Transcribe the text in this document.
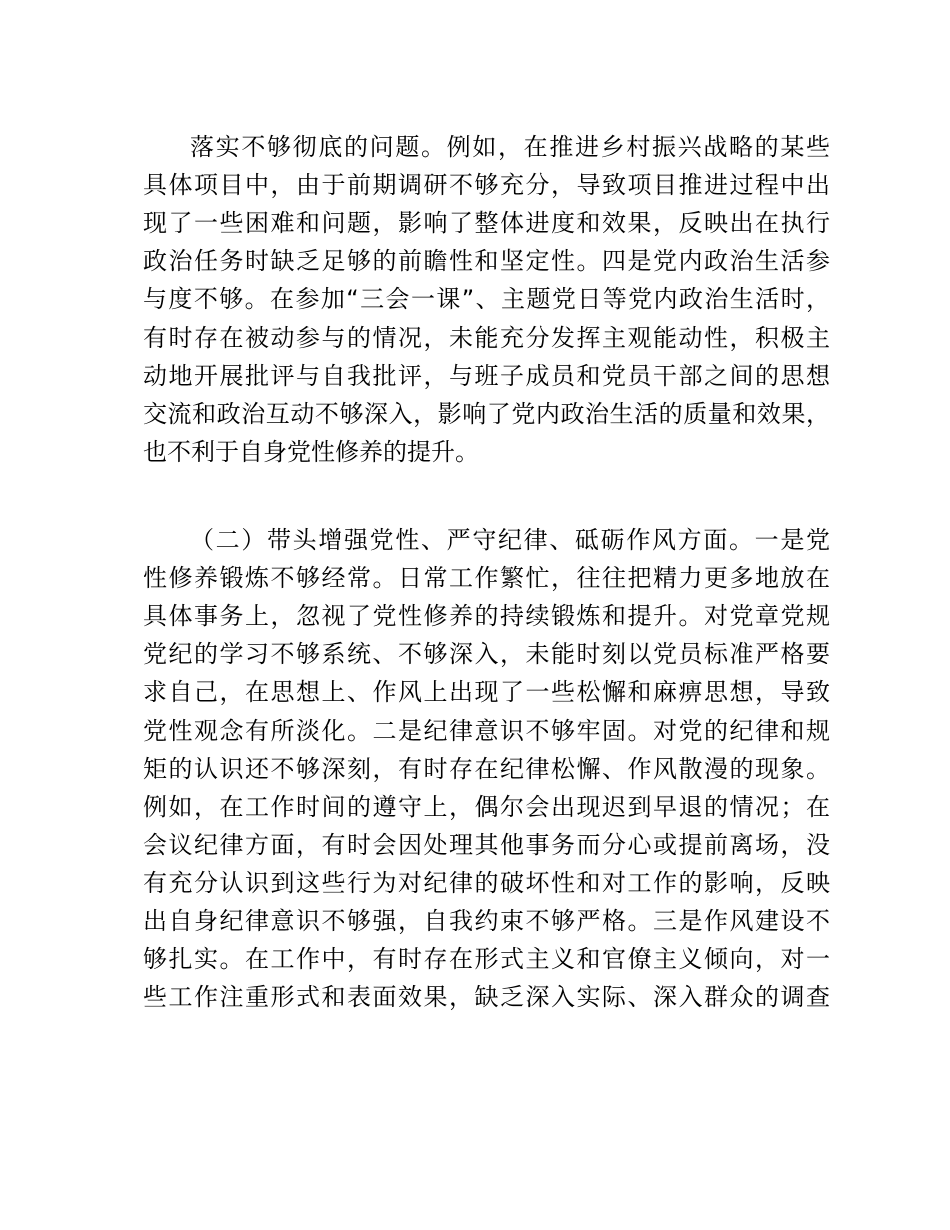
落实不够彻底的问题。例如，在推进乡村振兴战略的某些
具体项目中，由于前期调研不够充分，导致项目推进过程中出
现了一些困难和问题，影响了整体进度和效果，反映出在执行
政治任务时缺乏足够的前瞻性和坚定性。四是党内政治生活参
与度不够。在参加“三会一课”、主题党日等党内政治生活时，
有时存在被动参与的情况，未能充分发挥主观能动性，积极主
动地开展批评与自我批评，与班子成员和党员干部之间的思想
交流和政治互动不够深入，影响了党内政治生活的质量和效果，
也不利于自身党性修养的提升。
（二）带头增强党性、严守纪律、砥砺作风方面。一是党
性修养锻炼不够经常。日常工作繁忙，往往把精力更多地放在
具体事务上，忽视了党性修养的持续锻炼和提升。对党章党规
党纪的学习不够系统、不够深入，未能时刻以党员标准严格要
求自己，在思想上、作风上出现了一些松懈和麻痹思想，导致
党性观念有所淡化。二是纪律意识不够牢固。对党的纪律和规
矩的认识还不够深刻，有时存在纪律松懈、作风散漫的现象。
例如，在工作时间的遵守上，偶尔会出现迟到早退的情况；在
会议纪律方面，有时会因处理其他事务而分心或提前离场，没
有充分认识到这些行为对纪律的破坏性和对工作的影响，反映
出自身纪律意识不够强，自我约束不够严格。三是作风建设不
够扎实。在工作中，有时存在形式主义和官僚主义倾向，对一
些工作注重形式和表面效果，缺乏深入实际、深入群众的调查
